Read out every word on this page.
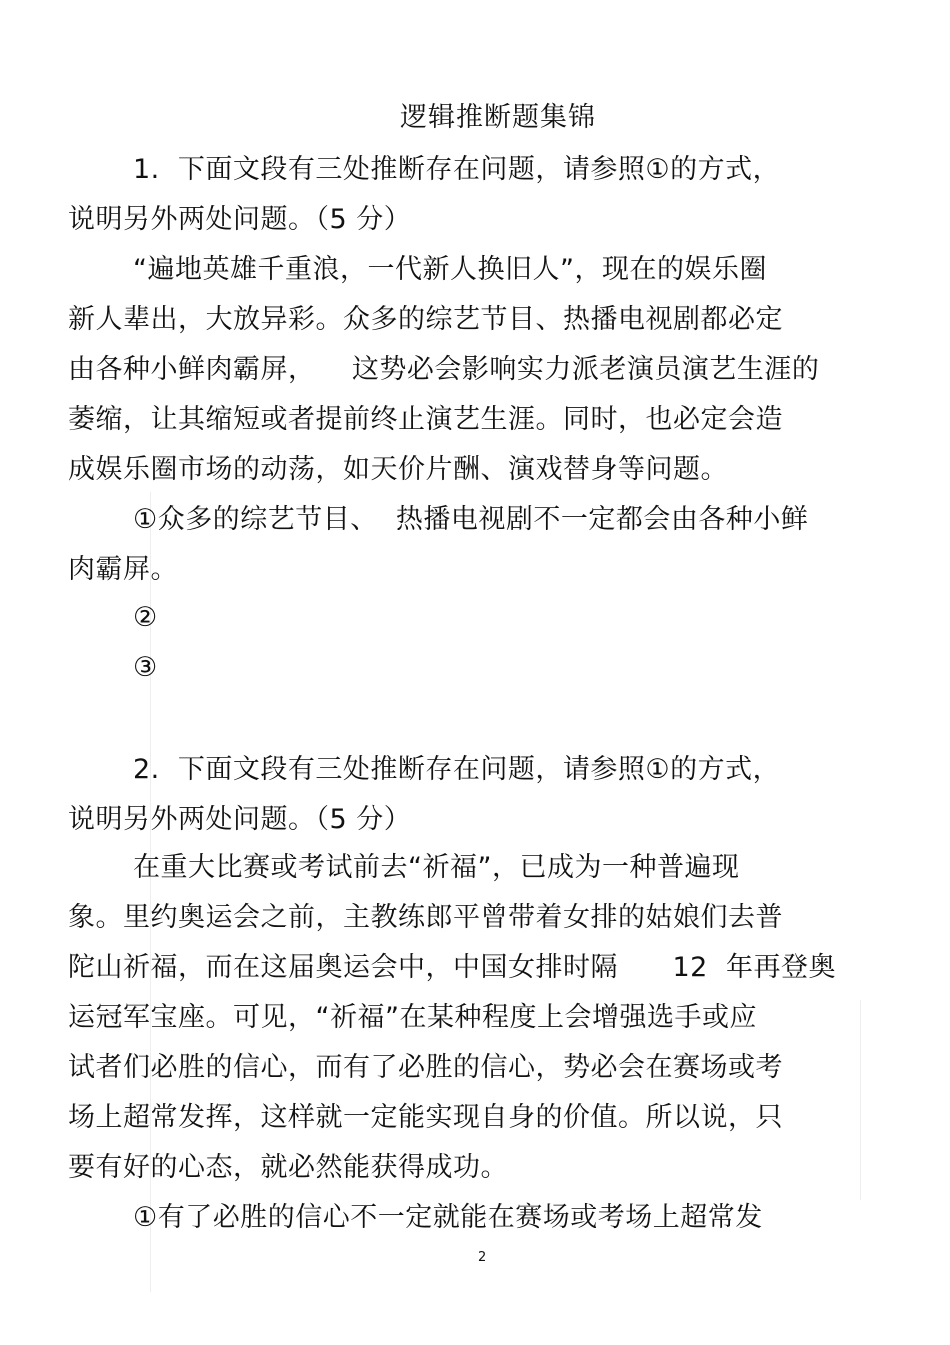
逻辑推断题集锦
1.  下面文段有三处推断存在问题，请参照①的方式，
说明另外两处问题。（5 分）
“遍地英雄千重浪，一代新人换旧人”，现在的娱乐圈
新人辈出，大放异彩。众多的综艺节目、热播电视剧都必定
由各种小鲜肉霸屏，    这势必会影响实力派老演员演艺生涯的
萎缩，让其缩短或者提前终止演艺生涯。同时，也必定会造
成娱乐圈市场的动荡，如天价片酬、演戏替身等问题。
①众多的综艺节目、  热播电视剧不一定都会由各种小鲜
肉霸屏。
②
③
2.  下面文段有三处推断存在问题，请参照①的方式，
说明另外两处问题。（5 分）
在重大比赛或考试前去“祈福”，已成为一种普遍现
象。里约奥运会之前，主教练郎平曾带着女排的姑娘们去普
陀山祈福，而在这届奥运会中，中国女排时隔      12  年再登奥
运冠军宝座。可见，“祈福”在某种程度上会增强选手或应
试者们必胜的信心，而有了必胜的信心，势必会在赛场或考
场上超常发挥，这样就一定能实现自身的价值。所以说，只
要有好的心态，就必然能获得成功。
①有了必胜的信心不一定就能在赛场或考场上超常发
2
